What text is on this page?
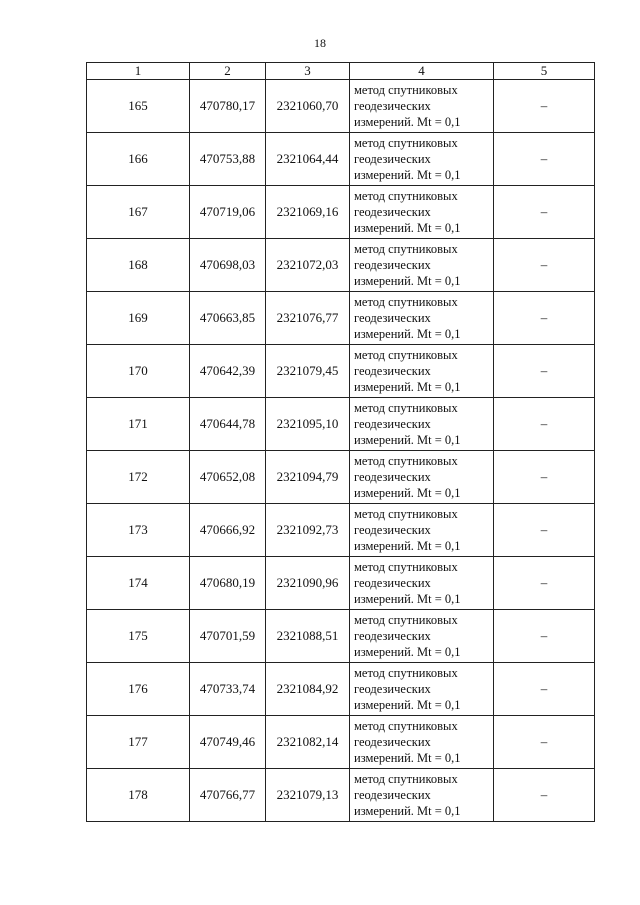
18
1	2	3	4	5
165	470780,17	2321060,70	метод спутниковых
геодезических
измерений. Mt = 0,1	–
166	470753,88	2321064,44	метод спутниковых
геодезических
измерений. Mt = 0,1	–
167	470719,06	2321069,16	метод спутниковых
геодезических
измерений. Mt = 0,1	–
168	470698,03	2321072,03	метод спутниковых
геодезических
измерений. Mt = 0,1	–
169	470663,85	2321076,77	метод спутниковых
геодезических
измерений. Mt = 0,1	–
170	470642,39	2321079,45	метод спутниковых
геодезических
измерений. Mt = 0,1	–
171	470644,78	2321095,10	метод спутниковых
геодезических
измерений. Mt = 0,1	–
172	470652,08	2321094,79	метод спутниковых
геодезических
измерений. Mt = 0,1	–
173	470666,92	2321092,73	метод спутниковых
геодезических
измерений. Mt = 0,1	–
174	470680,19	2321090,96	метод спутниковых
геодезических
измерений. Mt = 0,1	–
175	470701,59	2321088,51	метод спутниковых
геодезических
измерений. Mt = 0,1	–
176	470733,74	2321084,92	метод спутниковых
геодезических
измерений. Mt = 0,1	–
177	470749,46	2321082,14	метод спутниковых
геодезических
измерений. Mt = 0,1	–
178	470766,77	2321079,13	метод спутниковых
геодезических
измерений. Mt = 0,1	–
